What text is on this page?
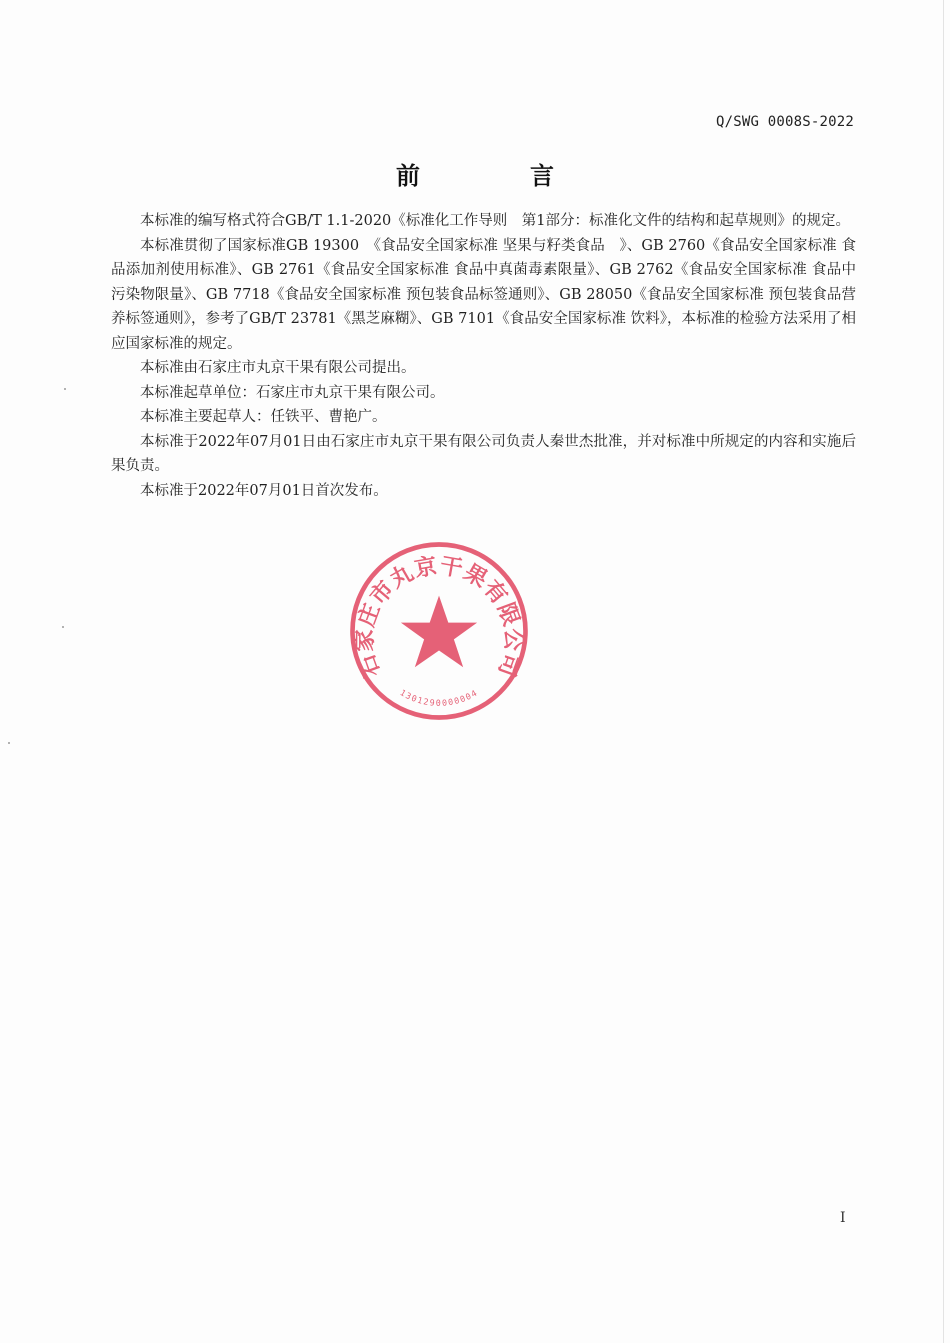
Q/SWG 0008S-2022
前言

本标准的编写格式符合GB/T 1.1-2020《标准化工作导则　第1部分：标准化文件的结构和起草规则》的规定。

本标准贯彻了国家标准GB 19300　《食品安全国家标准 坚果与籽类食品　》、GB 2760《食品安全国家标准 食品添加剂使用标准》、GB 2761《食品安全国家标准 食品中真菌毒素限量》、GB 2762《食品安全国家标准 食品中污染物限量》、GB 7718《食品安全国家标准 预包装食品标签通则》、GB 28050《食品安全国家标准 预包装食品营养标签通则》，参考了GB/T 23781《黑芝麻糊》、GB 7101《食品安全国家标准 饮料》，本标准的检验方法采用了相应国家标准的规定。

本标准由石家庄市丸京干果有限公司提出。

本标准起草单位：石家庄市丸京干果有限公司。

本标准主要起草人：任铁平、曹艳广。

本标准于2022年07月01日由石家庄市丸京干果有限公司负责人秦世杰批准，并对标准中所规定的内容和实施后果负责。

本标准于2022年07月01日首次发布。

石家庄市丸京干果有限公司
1301290000004
I
